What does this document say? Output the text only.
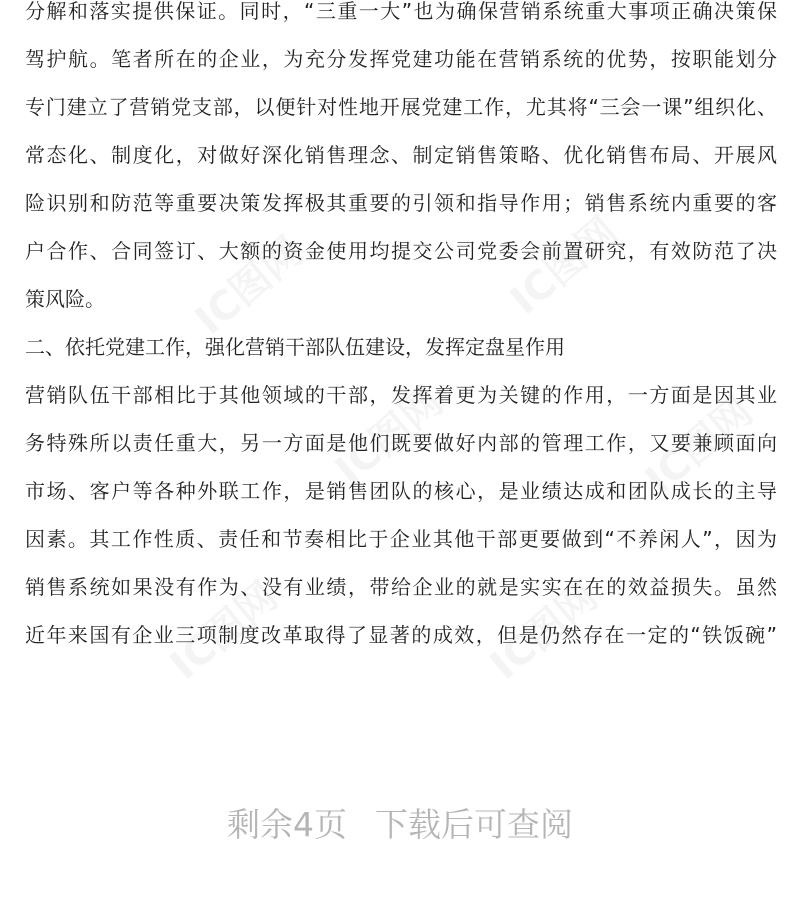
分解和落实提供保证。同时，“三重一大”也为确保营销系统重大事项正确决策保
驾护航。笔者所在的企业，为充分发挥党建功能在营销系统的优势，按职能划分
专门建立了营销党支部，以便针对性地开展党建工作，尤其将“三会一课”组织化、
常态化、制度化，对做好深化销售理念、制定销售策略、优化销售布局、开展风
险识别和防范等重要决策发挥极其重要的引领和指导作用；销售系统内重要的客
户合作、合同签订、大额的资金使用均提交公司党委会前置研究，有效防范了决
策风险。
二、依托党建工作，强化营销干部队伍建设，发挥定盘星作用
营销队伍干部相比于其他领域的干部，发挥着更为关键的作用，一方面是因其业
务特殊所以责任重大，另一方面是他们既要做好内部的管理工作，又要兼顾面向
市场、客户等各种外联工作，是销售团队的核心，是业绩达成和团队成长的主导
因素。其工作性质、责任和节奏相比于企业其他干部更要做到“不养闲人”，因为
销售系统如果没有作为、没有业绩，带给企业的就是实实在在的效益损失。虽然
近年来国有企业三项制度改革取得了显著的成效，但是仍然存在一定的“铁饭碗”
剩余4页 下载后可查阅
